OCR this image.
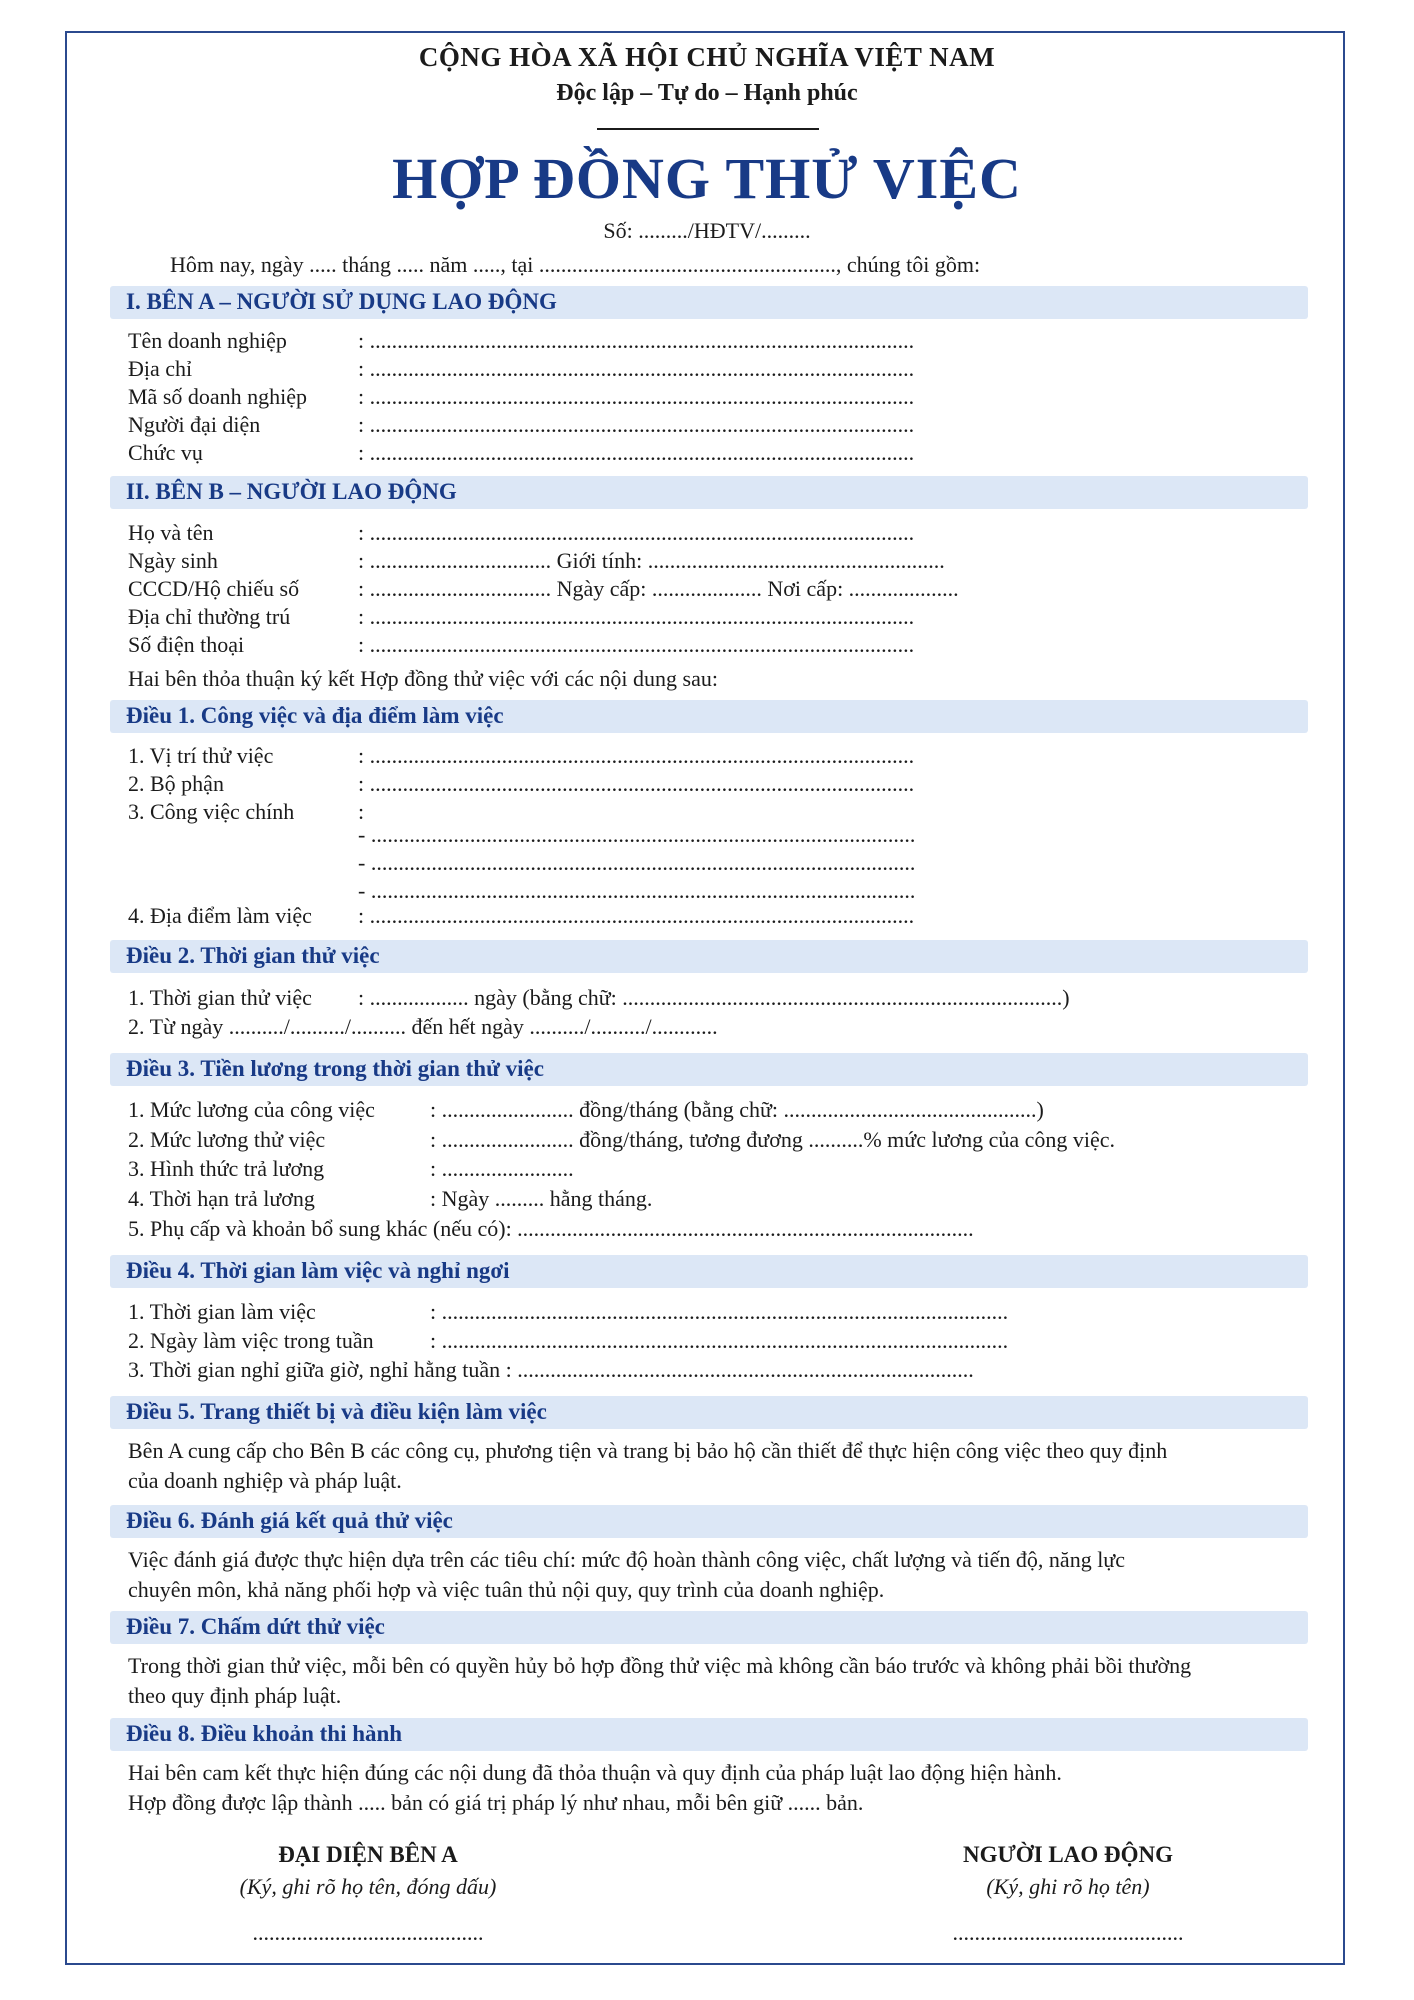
CỘNG HÒA XÃ HỘI CHỦ NGHĨA VIỆT NAM
Độc lập – Tự do – Hạnh phúc
HỢP ĐỒNG THỬ VIỆC
Số: ........./HĐTV/.........
Hôm nay, ngày ..... tháng ..... năm ....., tại ......................................................, chúng tôi gồm:
I. BÊN A – NGƯỜI SỬ DỤNG LAO ĐỘNG
Tên doanh nghiệp	: ...................................................................................................
Địa chỉ	: ...................................................................................................
Mã số doanh nghiệp : ...................................................................................................
Người đại diện	: ...................................................................................................
Chức vụ	: ...................................................................................................
II. BÊN B – NGƯỜI LAO ĐỘNG
Họ và tên	: ...................................................................................................
Ngày sinh	: ................................. Giới tính: ......................................................
CCCD/Hộ chiếu số	: ................................. Ngày cấp: .................... Nơi cấp: ....................
Địa chỉ thường trú	: ...................................................................................................
Số điện thoại	: ...................................................................................................
Hai bên thỏa thuận ký kết Hợp đồng thử việc với các nội dung sau:
Điều 1. Công việc và địa điểm làm việc
1. Vị trí thử việc	: ...................................................................................................
2. Bộ phận	: ...................................................................................................
3. Công việc chính	:
- ...................................................................................................
- ...................................................................................................
- ...................................................................................................
4. Địa điểm làm việc : ...................................................................................................
Điều 2. Thời gian thử việc
1. Thời gian thử việc : .................. ngày (bằng chữ: ................................................................................)
2. Từ ngày ........../........../.......... đến hết ngày ........../........../............
Điều 3. Tiền lương trong thời gian thử việc
1. Mức lương của công việc	: ........................ đồng/tháng (bằng chữ: ..............................................)
2. Mức lương thử việc	: ........................ đồng/tháng, tương đương ..........% mức lương của công việc.
3. Hình thức trả lương	: ........................
4. Thời hạn trả lương	: Ngày ......... hằng tháng.
5. Phụ cấp và khoản bổ sung khác (nếu có): ...................................................................................
Điều 4. Thời gian làm việc và nghỉ ngơi
1. Thời gian làm việc	: .......................................................................................................
2. Ngày làm việc trong tuần	: .......................................................................................................
3. Thời gian nghỉ giữa giờ, nghỉ hằng tuần : ...................................................................................
Điều 5. Trang thiết bị và điều kiện làm việc
Bên A cung cấp cho Bên B các công cụ, phương tiện và trang bị bảo hộ cần thiết để thực hiện công việc theo quy định
của doanh nghiệp và pháp luật.
Điều 6. Đánh giá kết quả thử việc
Việc đánh giá được thực hiện dựa trên các tiêu chí: mức độ hoàn thành công việc, chất lượng và tiến độ, năng lực
chuyên môn, khả năng phối hợp và việc tuân thủ nội quy, quy trình của doanh nghiệp.
Điều 7. Chấm dứt thử việc
Trong thời gian thử việc, mỗi bên có quyền hủy bỏ hợp đồng thử việc mà không cần báo trước và không phải bồi thường
theo quy định pháp luật.
Điều 8. Điều khoản thi hành
Hai bên cam kết thực hiện đúng các nội dung đã thỏa thuận và quy định của pháp luật lao động hiện hành.
Hợp đồng được lập thành ..... bản có giá trị pháp lý như nhau, mỗi bên giữ ...... bản.
ĐẠI DIỆN BÊN A
(Ký, ghi rõ họ tên, đóng dấu)
..........................................
NGƯỜI LAO ĐỘNG
(Ký, ghi rõ họ tên)
..........................................
